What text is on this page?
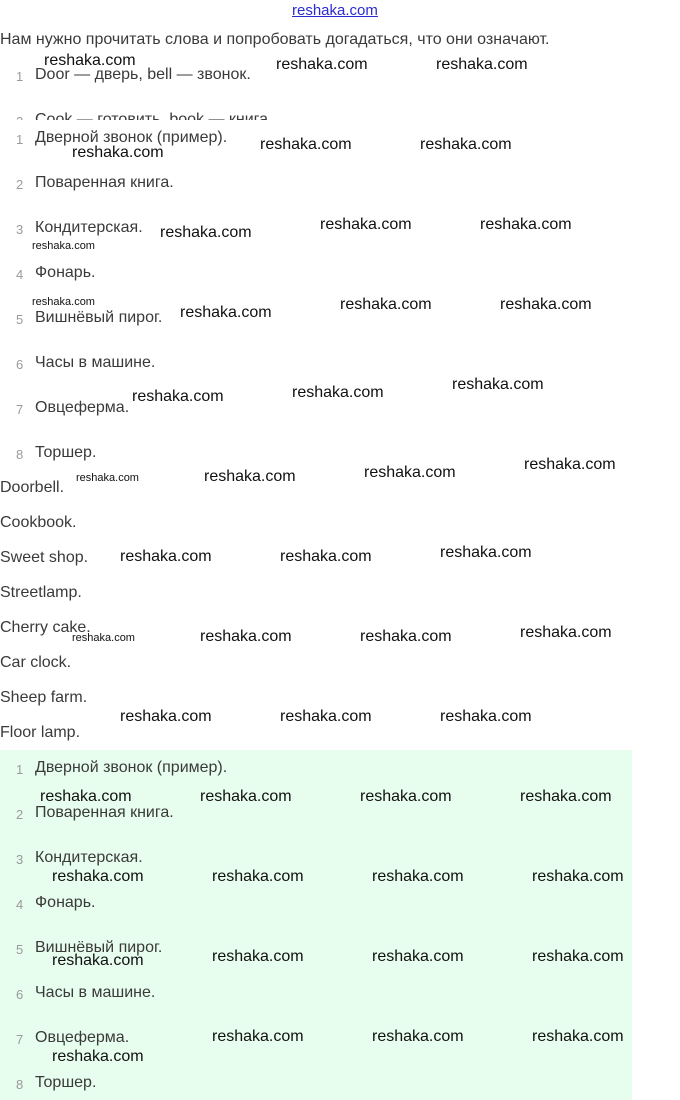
reshaka.com
Нам нужно прочитать слова и попробовать догадаться, что они означают.
1 Door — дверь, bell — звонок.
1 Дверной звонок (пример).
2 Поваренная книга.
3 Кондитерская.
4 Фонарь.
5 Вишнёвый пирог.
6 Часы в машине.
7 Овцеферма.
8 Торшер.
Doorbell.
Cookbook.
Sweet shop.
Streetlamp.
Cherry cake.
Car clock.
Sheep farm.
Floor lamp.
1 Дверной звонок (пример).
2 Поваренная книга.
3 Кондитерская.
4 Фонарь.
5 Вишнёвый пирог.
6 Часы в машине.
7 Овцеферма.
8 Торшер.
reshaka.com	reshaka.com	reshaka.com
reshaka.com	reshaka.com	reshaka.com
reshaka.com	reshaka.com	reshaka.com
reshaka.com
reshaka.com
reshaka.com	reshaka.com	reshaka.com
reshaka.com	reshaka.com	reshaka.com
reshaka.com	reshaka.com	reshaka.com	reshaka.com
reshaka.com	reshaka.com	reshaka.com
reshaka.com	reshaka.com	reshaka.com	reshaka.com
reshaka.com	reshaka.com	reshaka.com
reshaka.com	reshaka.com	reshaka.com	reshaka.com
reshaka.com	reshaka.com	reshaka.com	reshaka.com
reshaka.com	reshaka.com	reshaka.com	reshaka.com
reshaka.com	reshaka.com	reshaka.com
reshaka.com
